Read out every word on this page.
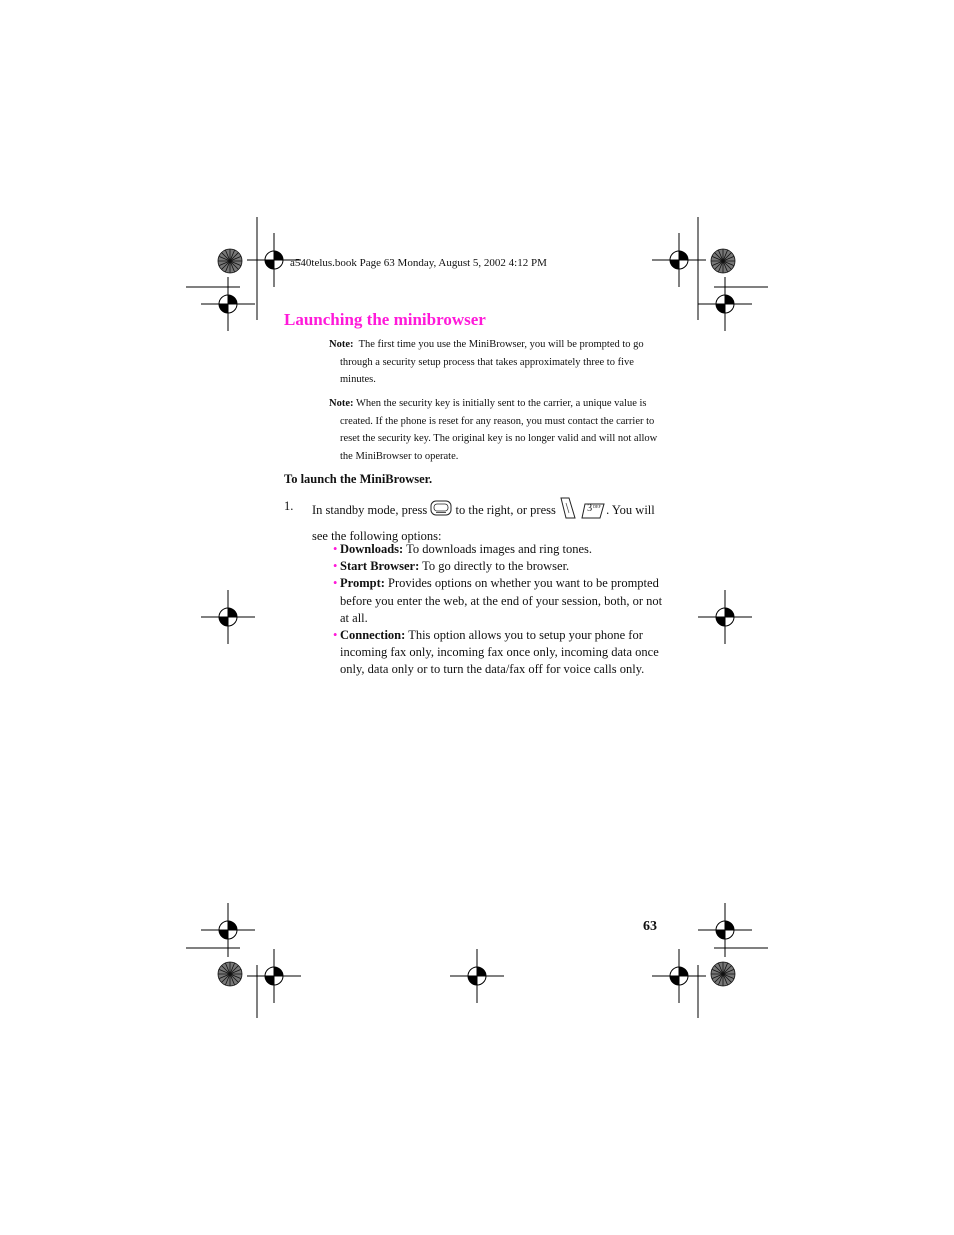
a540telus.book Page 63 Monday, August 5, 2002 4:12 PM
Launching the minibrowser
Note: The first time you use the MiniBrowser, you will be prompted to go through a security setup process that takes approximately three to five minutes.
Note: When the security key is initially sent to the carrier, a unique value is created. If the phone is reset for any reason, you must contact the carrier to reset the security key. The original key is no longer valid and will not allow the MiniBrowser to operate.
To launch the MiniBrowser.
1. In standby mode, press to the right, or press	3 DEF . You will see the following options:
• Downloads: To downloads images and ring tones.
• Start Browser: To go directly to the browser.
• Prompt: Provides options on whether you want to be prompted before you enter the web, at the end of your session, both, or not at all.
• Connection: This option allows you to setup your phone for incoming fax only, incoming fax once only, incoming data once only, data only or to turn the data/fax off for voice calls only.
63
